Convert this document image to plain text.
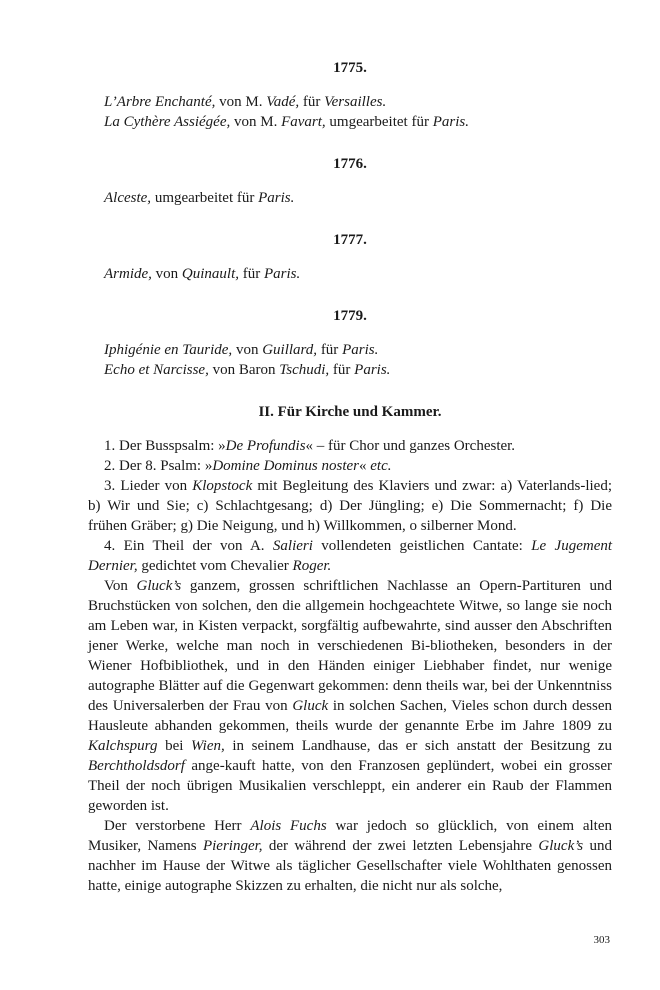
1775.

L’Arbre Enchanté, von M. Vadé, für Versailles.

La Cythère Assiégée, von M. Favart, umgearbeitet für Paris.

1776.

Alceste, umgearbeitet für Paris.

1777.

Armide, von Quinault, für Paris.

1779.

Iphigénie en Tauride, von Guillard, für Paris.

Echo et Narcisse, von Baron Tschudi, für Paris.

II. Für Kirche und Kammer.

1. Der Busspsalm: »De Profundis« – für Chor und ganzes Orchester.

2. Der 8. Psalm: »Domine Dominus noster« etc.

3. Lieder von Klopstock mit Begleitung des Klaviers und zwar: a) Vaterlands-lied; b) Wir und Sie; c) Schlachtgesang; d) Der Jüngling; e) Die Sommernacht; f) Die frühen Gräber; g) Die Neigung, und h) Willkommen, o silberner Mond.

4. Ein Theil der von A. Salieri vollendeten geistlichen Cantate: Le Jugement Dernier, gedichtet vom Chevalier Roger.

Von Gluck’s ganzem, grossen schriftlichen Nachlasse an Opern-Partituren und Bruchstücken von solchen, den die allgemein hochgeachtete Witwe, so lange sie noch am Leben war, in Kisten verpackt, sorgfältig aufbewahrte, sind ausser den Abschriften jener Werke, welche man noch in verschiedenen Bi-bliotheken, besonders in der Wiener Hofbibliothek, und in den Händen einiger Liebhaber findet, nur wenige autographe Blätter auf die Gegenwart gekommen: denn theils war, bei der Unkenntniss des Universalerben der Frau von Gluck in solchen Sachen, Vieles schon durch dessen Hausleute abhanden gekommen, theils wurde der genannte Erbe im Jahre 1809 zu Kalchspurg bei Wien, in seinem Landhause, das er sich anstatt der Besitzung zu Berchtholdsdorf ange-kauft hatte, von den Franzosen geplündert, wobei ein grosser Theil der noch übrigen Musikalien verschleppt, ein anderer ein Raub der Flammen geworden ist.

Der verstorbene Herr Alois Fuchs war jedoch so glücklich, von einem alten Musiker, Namens Pieringer, der während der zwei letzten Lebensjahre Gluck’s und nachher im Hause der Witwe als täglicher Gesellschafter viele Wohlthaten genossen hatte, einige autographe Skizzen zu erhalten, die nicht nur als solche,

303
